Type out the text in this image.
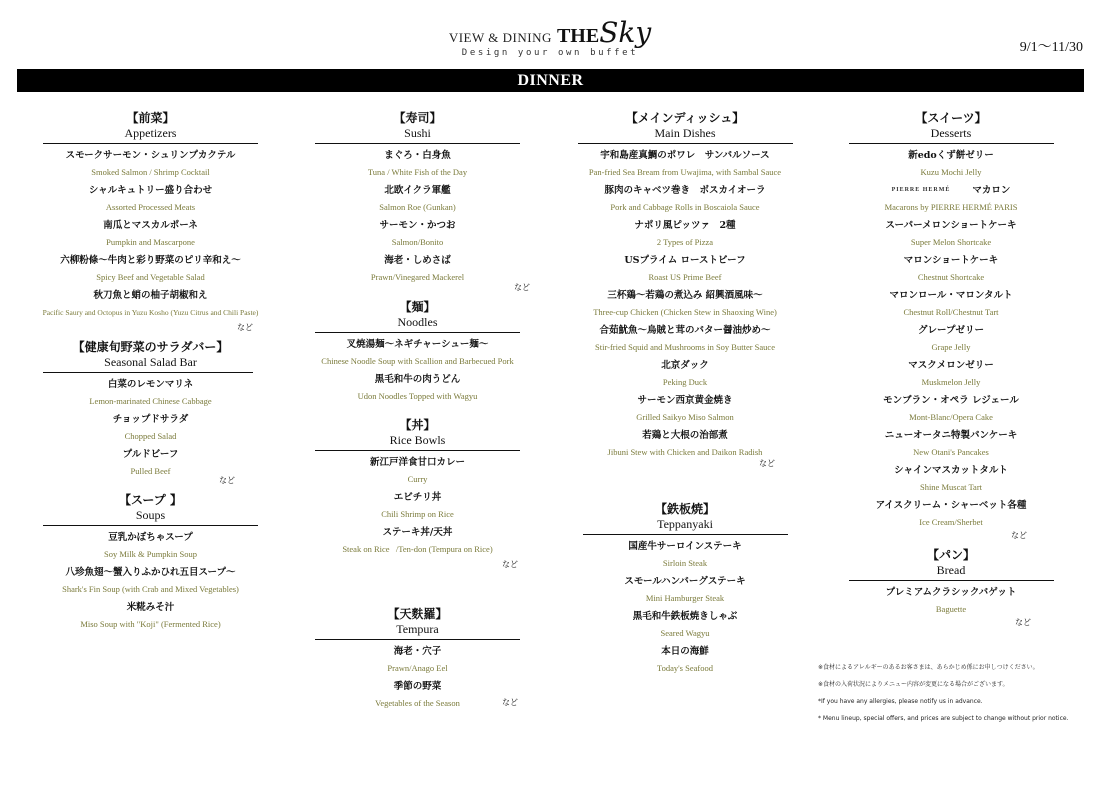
VIEW & DINING THESky
Design your own buffet	9/1～11/30
DINNER
【前菜】
Appetizers
スモークサーモン・シュリンプカクテル
Smoked Salmon / Shrimp Cocktail
シャルキュトリー盛り合わせ
Assorted Processed Meats
南瓜とマスカルポーネ
Pumpkin and Mascarpone
六柳粉條～牛肉と彩り野菜のピリ辛和え～
Spicy Beef and Vegetable Salad
秋刀魚と蛸の柚子胡椒和え
Pacific Saury and Octopus in Yuzu Kosho (Yuzu Citrus and Chili Paste)
など
【健康旬野菜のサラダバー】
Seasonal Salad Bar
白菜のレモンマリネ
Lemon-marinated Chinese Cabbage
チョップドサラダ
Chopped Salad
プルドビーフ
Pulled Beef
など
【スープ 】
Soups
豆乳かぼちゃスープ
Soy Milk & Pumpkin Soup
八珍魚翅～蟹入りふかひれ五目スープ～
Shark's Fin Soup (with Crab and Mixed Vegetables)
米糀みそ汁
Miso Soup with "Koji" (Fermented Rice)
【寿司】
Sushi
まぐろ・白身魚
Tuna / White Fish of the Day
北欧イクラ軍艦
Salmon Roe (Gunkan)
サーモン・かつお
Salmon/Bonito
海老・しめさば
Prawn/Vinegared Mackerel
など
【麺】
Noodles
叉焼湯麺～ネギチャーシュー麺～
Chinese Noodle Soup with Scallion and Barbecued Pork
黒毛和牛の肉うどん
Udon Noodles Topped with Wagyu
【丼】
Rice Bowls
新江戸洋食甘口カレー
Curry
エビチリ丼
Chili Shrimp on Rice
ステーキ丼/天丼
Steak on Rice   /Ten-don (Tempura on Rice)
など
【天麩羅】
Tempura
海老・穴子
Prawn/Anago Eel
季節の野菜
Vegetables of the Season	など
【メインディッシュ】
Main Dishes
宇和島産真鯛のポワレ　サンバルソース
Pan-fried Sea Bream from Uwajima, with Sambal Sauce
豚肉のキャベツ巻き　ボスカイオーラ
Pork and Cabbage Rolls in Boscaiola Sauce
ナポリ風ピッツァ　2種
2 Types of Pizza
USプライム ローストビーフ
Roast US Prime Beef
三杯鶏～若鶏の煮込み 紹興酒風味～
Three-cup Chicken (Chicken Stew in Shaoxing Wine)
合茹魷魚～烏賊と茸のバター醤油炒め～
Stir-fried Squid and Mushrooms in Soy Butter Sauce
北京ダック
Peking Duck
サーモン西京黄金焼き
Grilled Saikyo Miso Salmon
若鶏と大根の治部煮
Jibuni Stew with Chicken and Daikon Radish
など
【鉄板焼】
Teppanyaki
国産牛サーロインステーキ
Sirloin Steak
スモールハンバーグステーキ
Mini Hamburger Steak
黒毛和牛鉄板焼きしゃぶ
Seared Wagyu
本日の海鮮
Today's Seafood
【スイーツ】
Desserts
新edoくず餅ゼリー
Kuzu Mochi Jelly
PIERRE HERMÉ マカロン
Macarons by PIERRE HERMÉ PARIS
スーパーメロンショートケーキ
Super Melon Shortcake
マロンショートケーキ
Chestnut Shortcake
マロンロール・マロンタルト
Chestnut Roll/Chestnut Tart
グレープゼリー
Grape Jelly
マスクメロンゼリー
Muskmelon Jelly
モンブラン・オペラ レジェール
Mont-Blanc/Opera Cake
ニューオータニ特製パンケーキ
New Otani's Pancakes
シャインマスカットタルト
Shine Muscat Tart
アイスクリーム・シャーベット各種
Ice Cream/Sherbet
など
【パン】
Bread
プレミアムクラシックバゲット
Baguette
など
※食材によるアレルギーのあるお客さまは、あらかじめ係にお申しつけください。
※食材の入荷状況によりメニュー内容が変更になる場合がございます。
*If you have any allergies, please notify us in advance.
* Menu lineup, special offers, and prices are subject to change without prior notice.
